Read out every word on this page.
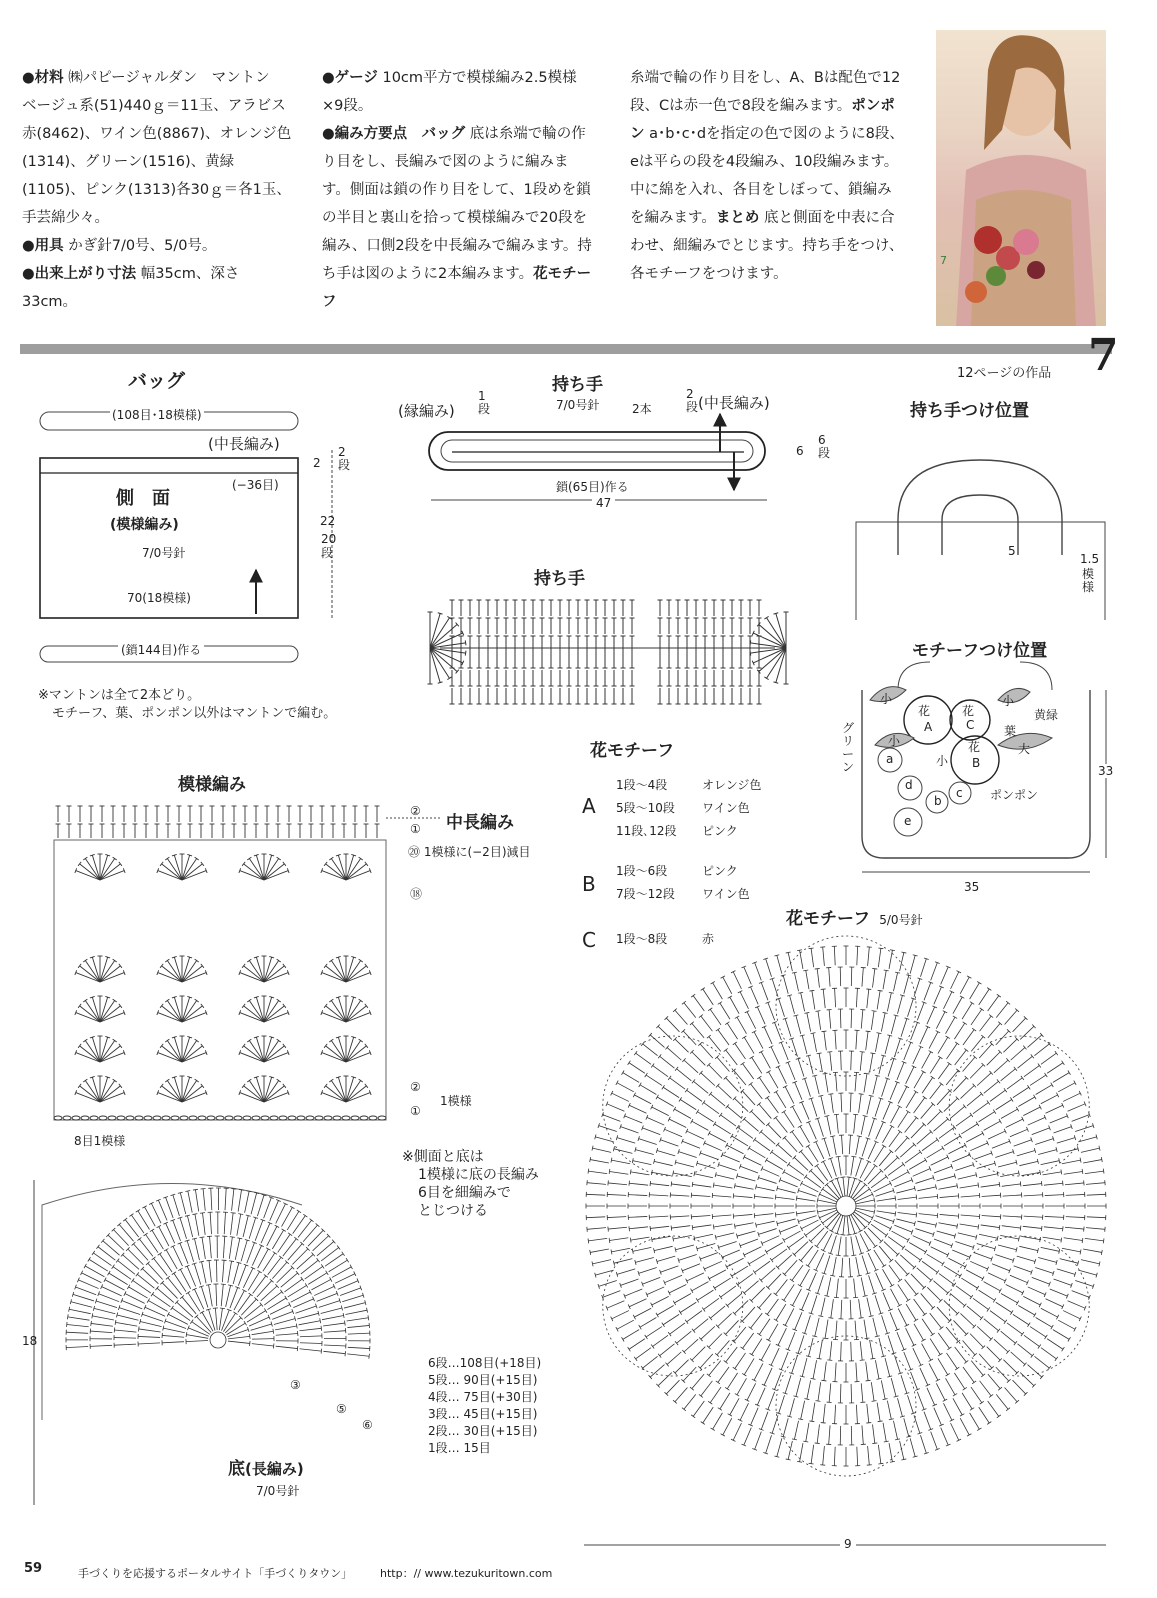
●材料 ㈱パピージャルダン　マントン　ベージュ系(51)440ｇ＝11玉、アラビス　赤(8462)、ワイン色(8867)、オレンジ色(1314)、グリーン(1516)、黄緑(1105)、ピンク(1313)各30ｇ＝各1玉、手芸綿少々。

●用具 かぎ針7/0号、5/0号。

●出来上がり寸法 幅35cm、深さ33cm。

●ゲージ 10cm平方で模様編み2.5模様×9段。

●編み方要点　バッグ 底は糸端で輪の作り目をし、長編みで図のように編みます。側面は鎖の作り目をして、1段めを鎖の半目と裏山を拾って模様編みで20段を編み、口側2段を中長編みで編みます。持ち手は図のように2本編みます。花モチーフ

糸端で輪の作り目をし、A、Bは配色で12段、Cは赤一色で8段を編みます。ポンポン a･b･c･dを指定の色で図のように8段、eは平らの段を4段編み、10段編みます。中に綿を入れ、各目をしぼって、鎖編みを編みます。まとめ 底と側面を中表に合わせ、細編みでとじます。持ち手をつけ、各モチーフをつけます。

7
7
12ページの作品
バッグ
(108目･18模様)
(中長編み)
(−36目)
側　面
(模様編み)
7/0号針
70(18模様)
(鎖144目)作る
2
2段
22
20段
※マントンは全て2本どり。
モチーフ、葉、ポンポン以外はマントンで編む。
持ち手
7/0号針	2本
(縁編み)
1段
2段 (中長編み)
6
6段
鎖(65目)作る
47
持ち手
持ち手つけ位置
5
1.5
模様
モチーフつけ位置
小
花
A
花
C
小
黄緑
葉
大
小
小
花
B
グリーン
a
b
d
c ポンポン
e
33
35
模様編み
②
① 中長編み
⑳ 1模様に(−2目)減目
⑱
②
①
1模様
8目1模様
※側面と底は
1模様に底の長編み
6目を細編みで
とじつける
18
6段…108目(+18目)
5段… 90目(+15目)
4段… 75目(+30目)
3段… 45目(+15目)
2段… 30目(+15目)
1段… 15目
③
⑤
⑥
底(長編み)
7/0号針
花モチーフ
A
1段〜4段	オレンジ色
5段〜10段 ワイン色
11段､12段 ピンク
B
1段〜6段	ピンク
7段〜12段 ワイン色
C 1段〜8段	赤
花モチーフ 5/0号針
9
59	手づくりを応援するポータルサイト「手づくりタウン」	http：// www.tezukuritown.com
